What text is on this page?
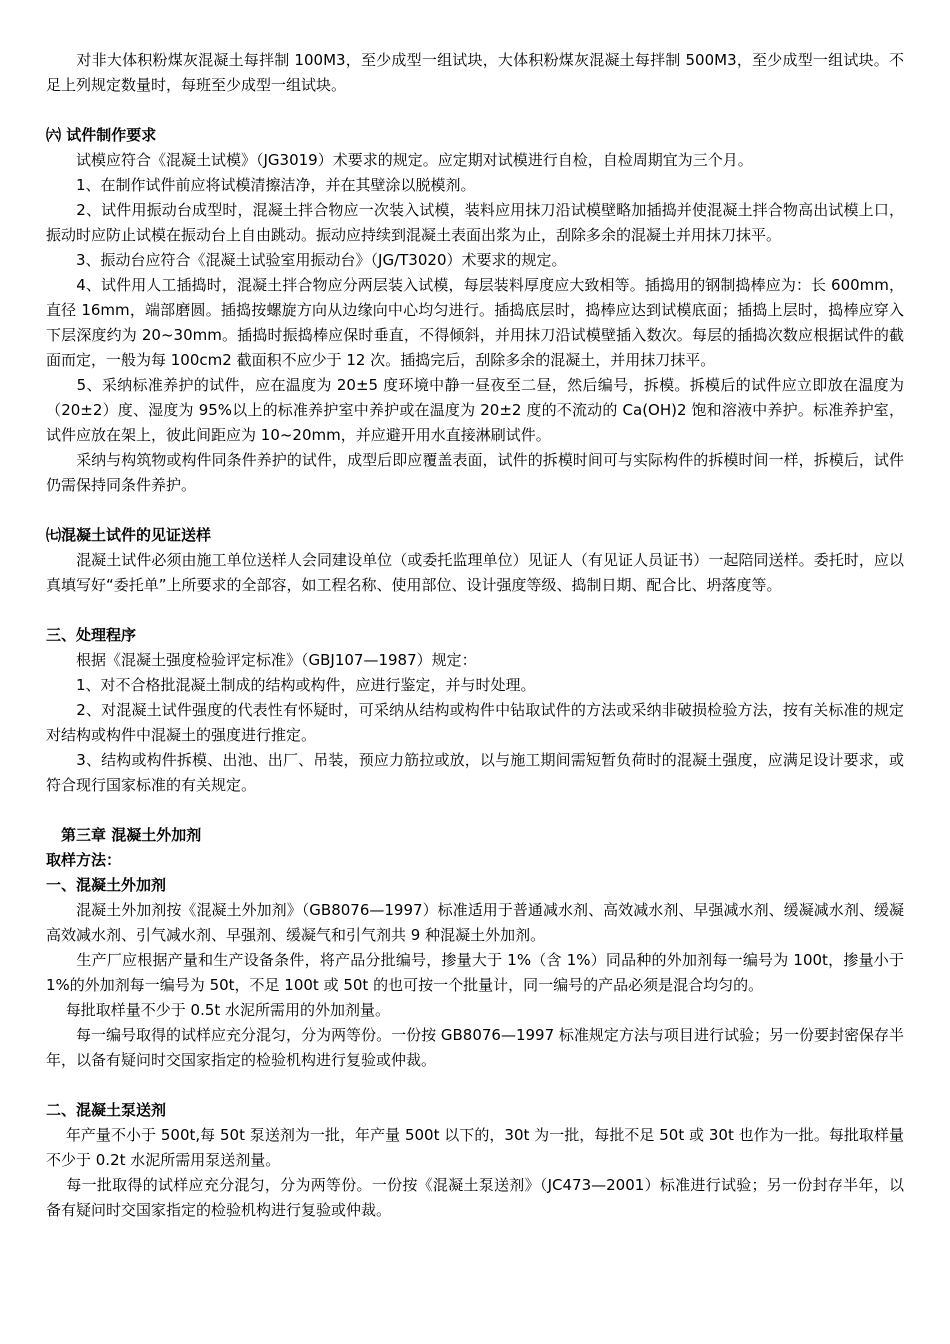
　　对非大体积粉煤灰混凝土每拌制 100M3，至少成型一组试块，大体积粉煤灰混凝土每拌制 500M3，至少成型一组试块。不足上列规定数量时，每班至少成型一组试块。

㈥ 试件制作要求

　　试模应符合《混凝土试模》（JG3019）术要求的规定。应定期对试模进行自检，自检周期宜为三个月。

　　1、在制作试件前应将试模清擦洁净，并在其壁涂以脱模剂。

　　2、试件用振动台成型时，混凝土拌合物应一次装入试模，装料应用抹刀沿试模壁略加插捣并使混凝土拌合物高出试模上口，振动时应防止试模在振动台上自由跳动。振动应持续到混凝土表面出浆为止，刮除多余的混凝土并用抹刀抹平。

　　3、振动台应符合《混凝土试验室用振动台》（JG/T3020）术要求的规定。

　　4、试件用人工插捣时，混凝土拌合物应分两层装入试模，每层装料厚度应大致相等。插捣用的钢制捣棒应为：长 600mm，直径 16mm，端部磨圆。插捣按螺旋方向从边缘向中心均匀进行。插捣底层时，捣棒应达到试模底面；插捣上层时，捣棒应穿入下层深度约为 20~30mm。插捣时振捣棒应保时垂直，不得倾斜，并用抹刀沿试模壁插入数次。每层的插捣次数应根据试件的截面而定，一般为每 100cm2 截面积不应少于 12 次。插捣完后，刮除多余的混凝土，并用抹刀抹平。

　　5、采纳标准养护的试件，应在温度为 20±5 度环境中静一昼夜至二昼，然后编号，拆模。拆模后的试件应立即放在温度为（20±2）度、湿度为 95%以上的标准养护室中养护或在温度为 20±2 度的不流动的 Ca(OH)2 饱和溶液中养护。标准养护室，试件应放在架上，彼此间距应为 10~20mm，并应避开用水直接淋刷试件。

　　采纳与构筑物或构件同条件养护的试件，成型后即应覆盖表面，试件的拆模时间可与实际构件的拆模时间一样，拆模后，试件仍需保持同条件养护。

㈦混凝土试件的见证送样

　　混凝土试件必须由施工单位送样人会同建设单位（或委托监理单位）见证人（有见证人员证书）一起陪同送样。委托时，应以真填写好“委托单”上所要求的全部容，如工程名称、使用部位、设计强度等级、捣制日期、配合比、坍落度等。

三、处理程序

　　根据《混凝土强度检验评定标准》（GBJ107—1987）规定：

　　1、对不合格批混凝土制成的结构或构件，应进行鉴定，并与时处理。

　　2、对混凝土试件强度的代表性有怀疑时，可采纳从结构或构件中钻取试件的方法或采纳非破损检验方法，按有关标准的规定对结构或构件中混凝土的强度进行推定。

　　3、结构或构件拆模、出池、出厂、吊装，预应力筋拉或放，以与施工期间需短暂负荷时的混凝土强度，应满足设计要求，或符合现行国家标准的有关规定。

　第三章 混凝土外加剂

取样方法：

一、混凝土外加剂

　　混凝土外加剂按《混凝土外加剂》（GB8076—1997）标准适用于普通减水剂、高效减水剂、早强减水剂、缓凝减水剂、缓凝高效减水剂、引气减水剂、早强剂、缓凝气和引气剂共 9 种混凝土外加剂。

　　生产厂应根据产量和生产设备条件，将产品分批编号，掺量大于 1%（含 1%）同品种的外加剂每一编号为 100t，掺量小于 1%的外加剂每一编号为 50t，不足 100t 或 50t 的也可按一个批量计，同一编号的产品必须是混合均匀的。

　 每批取样量不少于 0.5t 水泥所需用的外加剂量。

　　每一编号取得的试样应充分混匀，分为两等份。一份按 GB8076—1997 标准规定方法与项目进行试验；另一份要封密保存半年，以备有疑问时交国家指定的检验机构进行复验或仲裁。

二、混凝土泵送剂

　 年产量不小于 500t,每 50t 泵送剂为一批，年产量 500t 以下的，30t 为一批，每批不足 50t 或 30t 也作为一批。每批取样量不少于 0.2t 水泥所需用泵送剂量。

　 每一批取得的试样应充分混匀，分为两等份。一份按《混凝土泵送剂》（JC473—2001）标准进行试验；另一份封存半年，以备有疑问时交国家指定的检验机构进行复验或仲裁。
